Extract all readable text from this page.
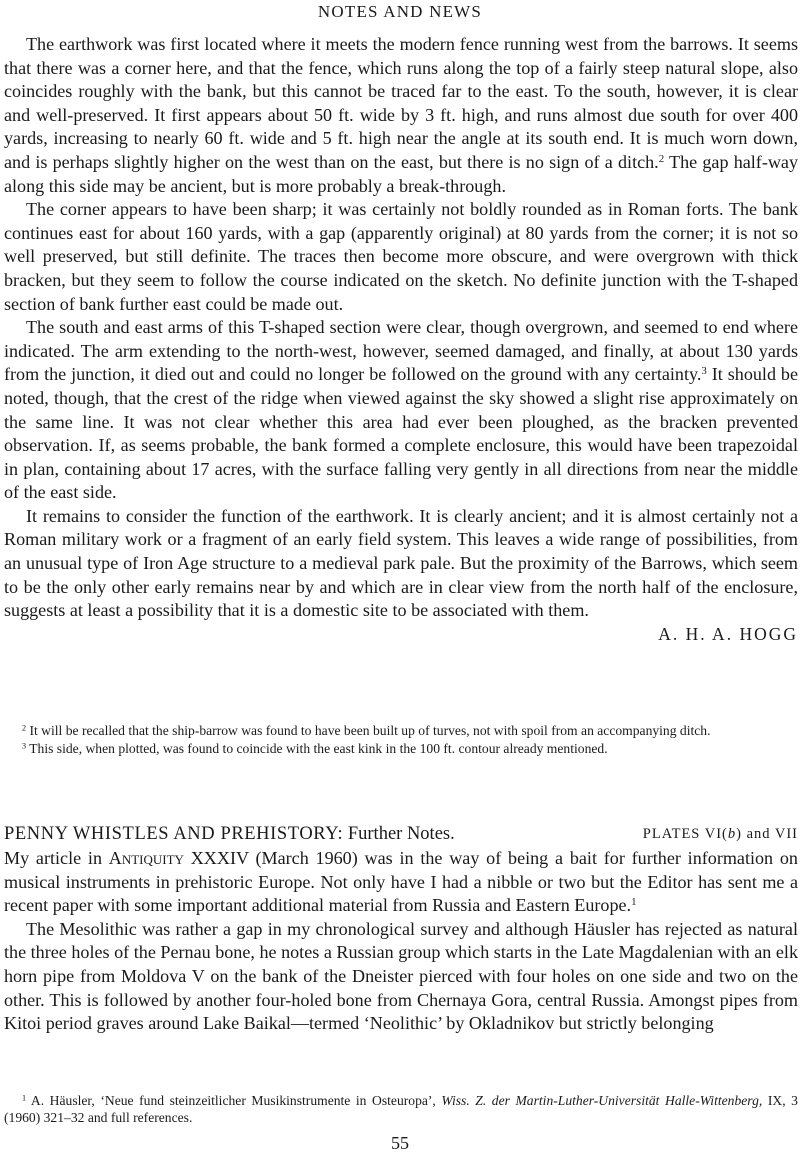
NOTES AND NEWS

The earthwork was first located where it meets the modern fence running west from the barrows. It seems that there was a corner here, and that the fence, which runs along the top of a fairly steep natural slope, also coincides roughly with the bank, but this cannot be traced far to the east. To the south, however, it is clear and well-preserved. It first appears about 50 ft. wide by 3 ft. high, and runs almost due south for over 400 yards, increasing to nearly 60 ft. wide and 5 ft. high near the angle at its south end. It is much worn down, and is perhaps slightly higher on the west than on the east, but there is no sign of a ditch.$^2$ The gap half-way along this side may be ancient, but is more probably a break-through.

The corner appears to have been sharp; it was certainly not boldly rounded as in Roman forts. The bank continues east for about 160 yards, with a gap (apparently original) at 80 yards from the corner; it is not so well preserved, but still definite. The traces then become more obscure, and were overgrown with thick bracken, but they seem to follow the course indicated on the sketch. No definite junction with the T-shaped section of bank further east could be made out.

The south and east arms of this T-shaped section were clear, though overgrown, and seemed to end where indicated. The arm extending to the north-west, however, seemed damaged, and finally, at about 130 yards from the junction, it died out and could no longer be followed on the ground with any certainty.$^3$ It should be noted, though, that the crest of the ridge when viewed against the sky showed a slight rise approximately on the same line. It was not clear whether this area had ever been ploughed, as the bracken prevented observation. If, as seems probable, the bank formed a complete enclosure, this would have been trapezoidal in plan, containing about 17 acres, with the surface falling very gently in all directions from near the middle of the east side.

It remains to consider the function of the earthwork. It is clearly ancient; and it is almost certainly not a Roman military work or a fragment of an early field system. This leaves a wide range of possibilities, from an unusual type of Iron Age structure to a medieval park pale. But the proximity of the Barrows, which seem to be the only other early remains near by and which are in clear view from the north half of the enclosure, suggests at least a possibility that it is a domestic site to be associated with them.

A. H. A. HOGG

$^2$ It will be recalled that the ship-barrow was found to have been built up of turves, not with spoil from an accompanying ditch.

$^3$ This side, when plotted, was found to coincide with the east kink in the 100 ft. contour already mentioned.

PENNY WHISTLES AND PREHISTORY: Further Notes.	PLATES VI(b) and VII

My article in Antiquity XXXIV (March 1960) was in the way of being a bait for further information on musical instruments in prehistoric Europe. Not only have I had a nibble or two but the Editor has sent me a recent paper with some important additional material from Russia and Eastern Europe.$^1$

The Mesolithic was rather a gap in my chronological survey and although Häusler has rejected as natural the three holes of the Pernau bone, he notes a Russian group which starts in the Late Magdalenian with an elk horn pipe from Moldova V on the bank of the Dneister pierced with four holes on one side and two on the other. This is followed by another four-holed bone from Chernaya Gora, central Russia. Amongst pipes from Kitoi period graves around Lake Baikal—termed ‘Neolithic’ by Okladnikov but strictly belonging

$^1$ A. Häusler, ‘Neue fund steinzeitlicher Musikinstrumente in Osteuropa’, Wiss. Z. der Martin-Luther-Universität Halle-Wittenberg, IX, 3 (1960) 321–32 and full references.

55
